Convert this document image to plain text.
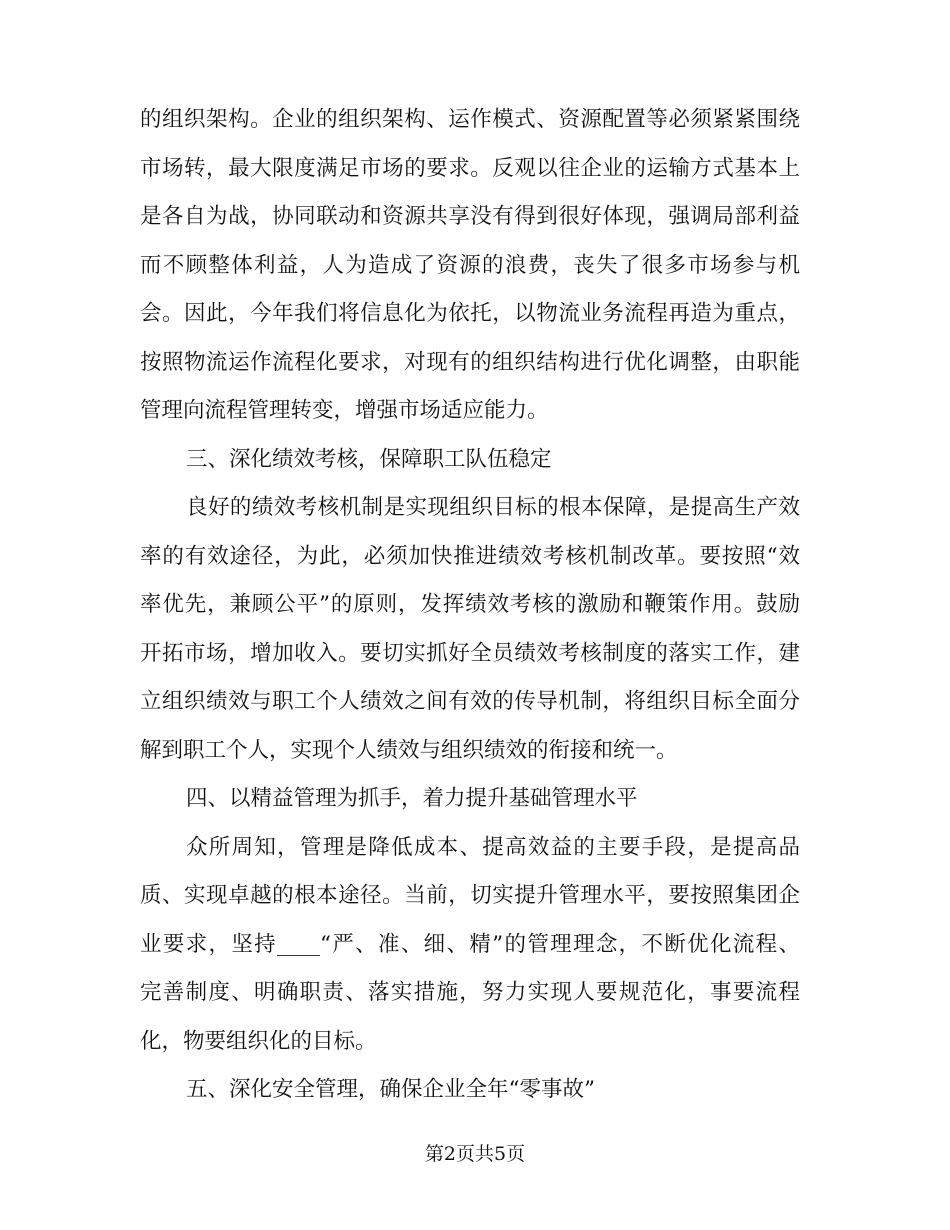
的组织架构。企业的组织架构、运作模式、资源配置等必须紧紧围绕
市场转，最大限度满足市场的要求。反观以往企业的运输方式基本上
是各自为战，协同联动和资源共享没有得到很好体现，强调局部利益
而不顾整体利益，人为造成了资源的浪费，丧失了很多市场参与机
会。因此，今年我们将信息化为依托，以物流业务流程再造为重点，
按照物流运作流程化要求，对现有的组织结构进行优化调整，由职能
管理向流程管理转变，增强市场适应能力。
三、深化绩效考核，保障职工队伍稳定
良好的绩效考核机制是实现组织目标的根本保障，是提高生产效
率的有效途径，为此，必须加快推进绩效考核机制改革。要按照“效
率优先，兼顾公平”的原则，发挥绩效考核的激励和鞭策作用。鼓励
开拓市场，增加收入。要切实抓好全员绩效考核制度的落实工作，建
立组织绩效与职工个人绩效之间有效的传导机制，将组织目标全面分
解到职工个人，实现个人绩效与组织绩效的衔接和统一。
四、以精益管理为抓手，着力提升基础管理水平
众所周知，管理是降低成本、提高效益的主要手段，是提高品
质、实现卓越的根本途径。当前，切实提升管理水平，要按照集团企
业要求，坚持____“严、准、细、精”的管理理念，不断优化流程、
完善制度、明确职责、落实措施，努力实现人要规范化，事要流程
化，物要组织化的目标。
五、深化安全管理，确保企业全年“零事故”
第2页共5页
